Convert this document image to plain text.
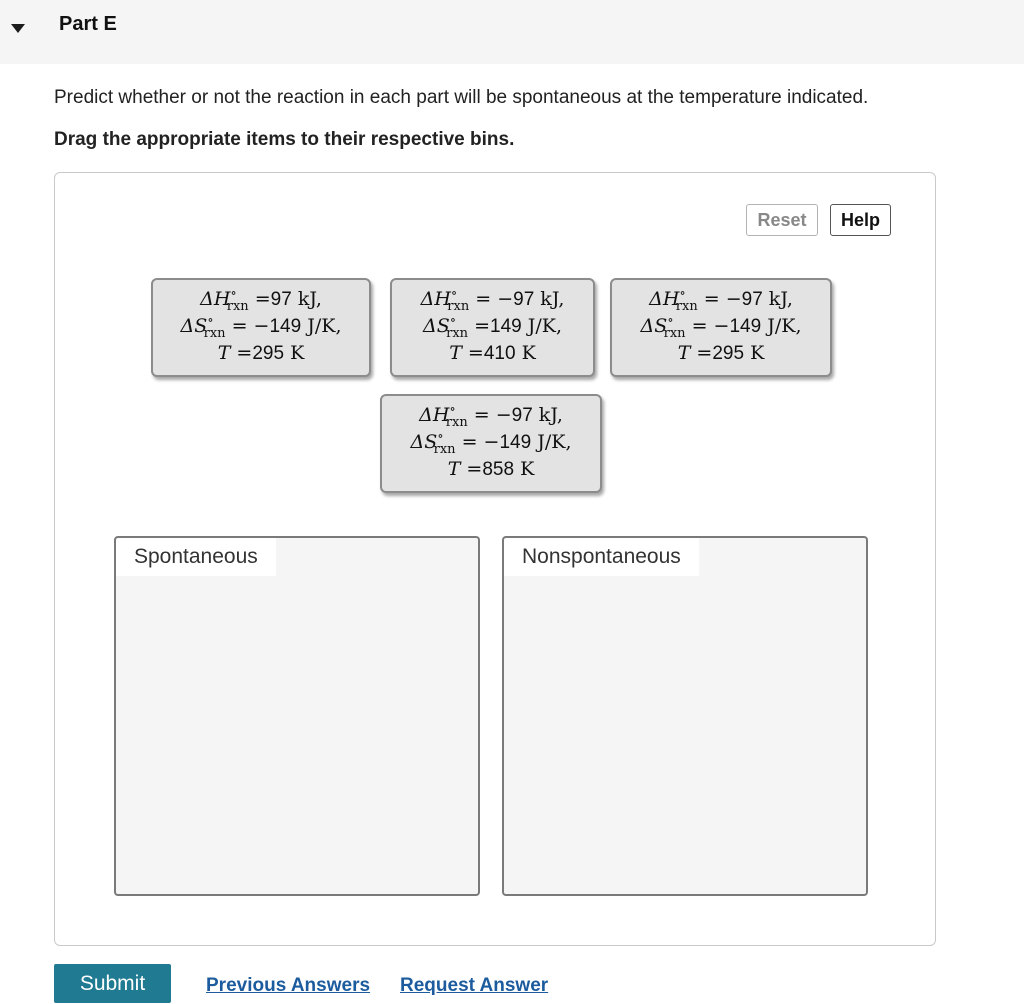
Part E
Predict whether or not the reaction in each part will be spontaneous at the temperature indicated.
Drag the appropriate items to their respective bins.
Reset	Help
$\Delta H^\circ_{rxn} =97$ kJ,
$\Delta S^\circ_{rxn} = -149$ J/K,
T =295 K
$\Delta H^\circ_{rxn} = -97$ kJ,
$\Delta S^\circ_{rxn} =149$ J/K,
T =410 K
$\Delta H^\circ_{rxn} = -97$ kJ,
$\Delta S^\circ_{rxn} = -149$ J/K,
T =295 K
$\Delta H^\circ_{rxn} = -97$ kJ,
$\Delta S^\circ_{rxn} = -149$ J/K,
T =858 K
Spontaneous	Nonspontaneous
Submit	Previous Answers Request Answer
